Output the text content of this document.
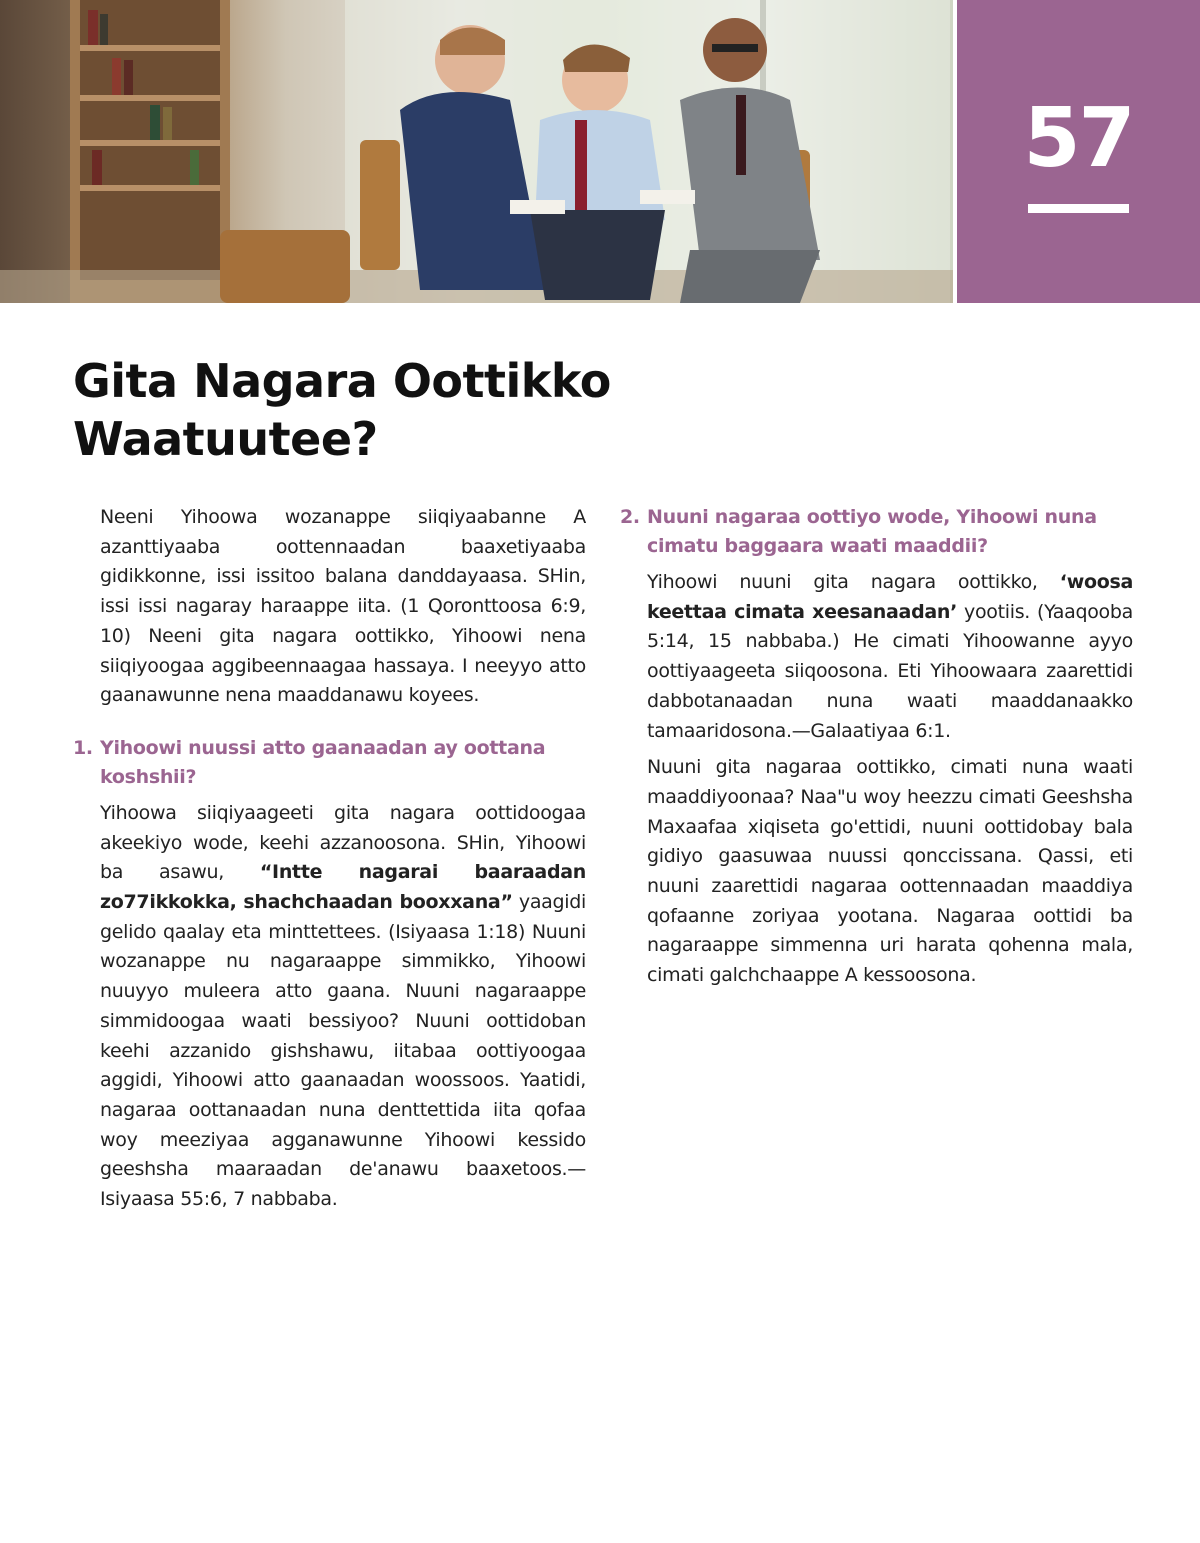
57
Gita Nagara Oottikko
Waatuutee?

Neeni Yihoowa wozanappe siiqiyaabanne A azanttiyaaba oottennaadan baaxetiyaaba gidikkonne, issi issitoo balana danddayaasa. SHin, issi issi nagaray haraappe iita. (1 Qoronttoosa 6:9, 10) Neeni gita nagara oottikko, Yihoowi nena siiqiyoogaa aggibeennaagaa hassaya. I neeyyo atto gaanawunne nena maaddanawu koyees.

1. Yihoowi nuussi atto gaanaadan ay oottana koshshii?

Yihoowa siiqiyaageeti gita nagara oottidoogaa akeekiyo wode, keehi azzanoosona. SHin, Yihoowi ba asawu, “Intte nagarai baaraadan zo77ikkokka, shachchaadan booxxana” yaagidi gelido qaalay eta minttettees. (Isiyaasa 1:18) Nuuni wozanappe nu nagaraappe simmikko, Yihoowi nuuyyo muleera atto gaana. Nuuni nagaraappe simmidoogaa waati bessiyoo? Nuuni oottidoban keehi azzanido gishshawu, iitabaa oottiyoogaa aggidi, Yihoowi atto gaanaadan woossoos. Yaatidi, nagaraa oottanaadan nuna denttettida iita qofaa woy meeziyaa agganawunne Yihoowi kessido geeshsha maaraadan de'anawu baaxetoos.—Isiyaasa 55:6, 7 nabbaba.

2. Nuuni nagaraa oottiyo wode, Yihoowi nuna cimatu baggaara waati maaddii?

Yihoowi nuuni gita nagara oottikko, ‘woosa keettaa cimata xeesanaadan’ yootiis. (Yaaqooba 5:14, 15 nabbaba.) He cimati Yihoowanne ayyo oottiyaageeta siiqoosona. Eti Yihoowaara zaarettidi dabbotanaadan nuna waati maaddanaakko tamaaridosona.—Galaatiyaa 6:1.

Nuuni gita nagaraa oottikko, cimati nuna waati maaddiyoonaa? Naa"u woy heezzu cimati Geeshsha Maxaafaa xiqiseta go'ettidi, nuuni oottidobay bala gidiyo gaasuwaa nuussi qonccissana. Qassi, eti nuuni zaarettidi nagaraa oottennaadan maaddiya qofaanne zoriyaa yootana. Nagaraa oottidi ba nagaraappe simmenna uri harata qohenna mala, cimati galchchaappe A kessoosona.
